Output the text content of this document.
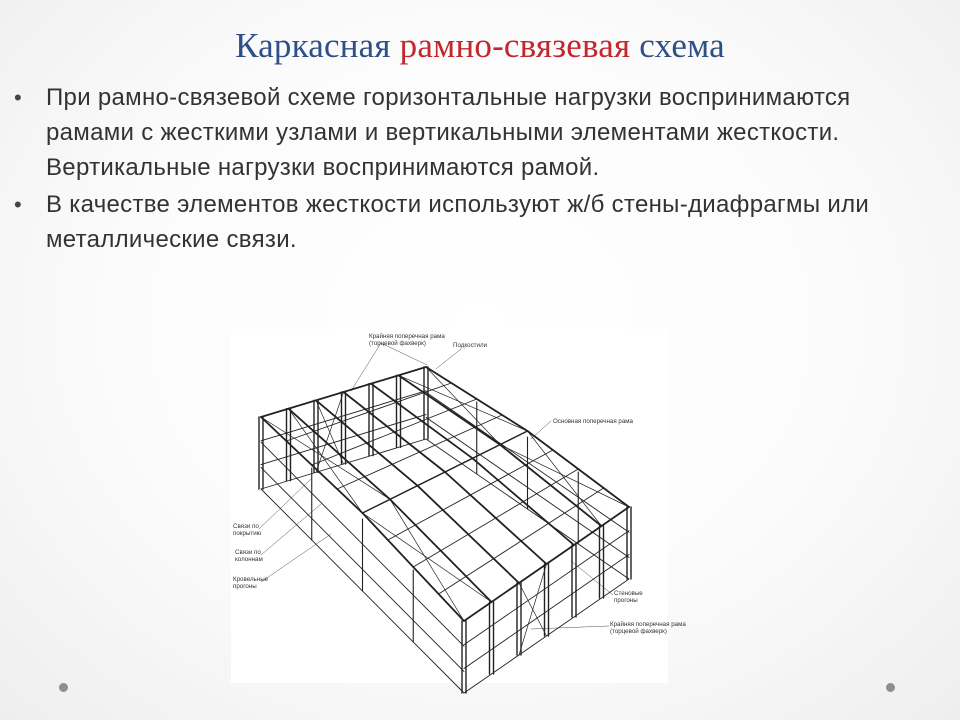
Каркасная рамно-связевая схема
• При рамно-связевой схеме горизонтальные нагрузки воспринимаются рамами с жесткими узлами и вертикальными элементами жесткости. Вертикальные нагрузки воспринимаются рамой.
• В качестве элементов жесткости используют ж/б стены-диафрагмы или металлические связи.
Крайняя поперечная рама (торцевой фахверк)	Подкостили
Основная поперечная рама
Связи по покрытию
Связи по колоннам
Кровельные прогоны
Стеновые прогоны
Крайняя поперечная рама (торцевой фахверк)
